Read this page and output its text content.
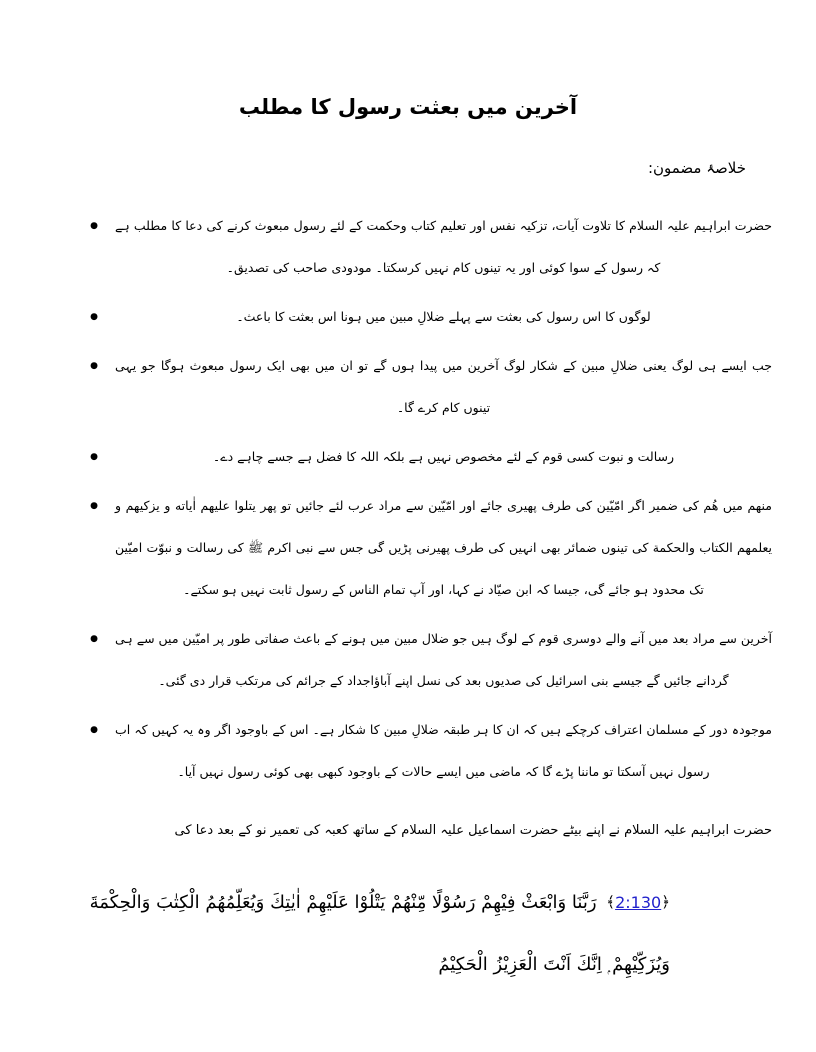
آخرین میں بعثت رسول کا مطلب
خلاصۂ مضمون:
● حضرت ابراہیم علیہ السلام کا تلاوت آیات، تزکیہ نفس اور تعلیم کتاب وحکمت کے لئے رسول مبعوث کرنے کی دعا کا مطلب ہے کہ رسول کے سوا کوئی اور یہ تینوں کام نہیں کرسکتا۔ مودودی صاحب کی تصدیق۔
●	لوگوں کا اس رسول کی بعثت سے پہلے ضلالِ مبین میں ہونا اس بعثت کا باعث۔
● جب ایسے ہی لوگ یعنی ضلالِ مبین کے شکار لوگ آخرین میں پیدا ہوں گے تو ان میں بھی ایک رسول مبعوث ہوگا جو یہی تینوں کام کرے گا۔
●	رسالت و نبوت کسی قوم کے لئے مخصوص نہیں ہے بلکہ اللہ کا فضل ہے جسے چاہے دے۔
● منهم میں هُم کی ضمیر اگر امّیّین کی طرف پھیری جائے اور امّیّین سے مراد عرب لئے جائیں تو پھر يتلوا عليهم اٰياته و يزكيهم و يعلمهم الكتاب والحكمة کی تینوں ضمائر بھی انہیں کی طرف پھیرنی پڑیں گی جس سے نبی اکرم ﷺ کی رسالت و نبوّت امیّین تک محدود ہو جائے گی، جیسا کہ ابن صیّاد نے کہا، اور آپ تمام الناس کے رسول ثابت نہیں ہو سکتے۔
● آخرین سے مراد بعد میں آنے والے دوسری قوم کے لوگ ہیں جو ضلال مبین میں ہونے کے باعث صفاتی طور پر امیّین میں سے ہی گردانے جائیں گے جیسے بنی اسرائیل کی صدیوں بعد کی نسل اپنے آباؤاجداد کے جرائم کی مرتکب قرار دی گئی۔
● موجودہ دور کے مسلمان اعتراف کرچکے ہیں کہ ان کا ہر طبقہ ضلالِ مبین کا شکار ہے۔ اس کے باوجود اگر وہ یہ کہیں کہ اب رسول نہیں آسکتا تو ماننا پڑے گا کہ ماضی میں ایسے حالات کے باوجود کبھی بھی کوئی رسول نہیں آیا۔

حضرت ابراہیم علیہ السلام نے اپنے بیٹے حضرت اسماعیل علیہ السلام کے ساتھ کعبہ کی تعمیر نو کے بعد دعا کی

﴿2:130﴾ رَبَّنَا وَابْعَثْ فِيْهِمْ رَسُوْلًا مِّنْهُمْ يَتْلُوْا عَلَيْهِمْ اٰيٰتِكَ وَيُعَلِّمُهُمُ الْكِتٰبَ وَالْحِكْمَةَ وَيُزَكِّيْهِمْ ۭ اِنَّكَ اَنْتَ الْعَزِيْزُ الْحَكِيْمُ
